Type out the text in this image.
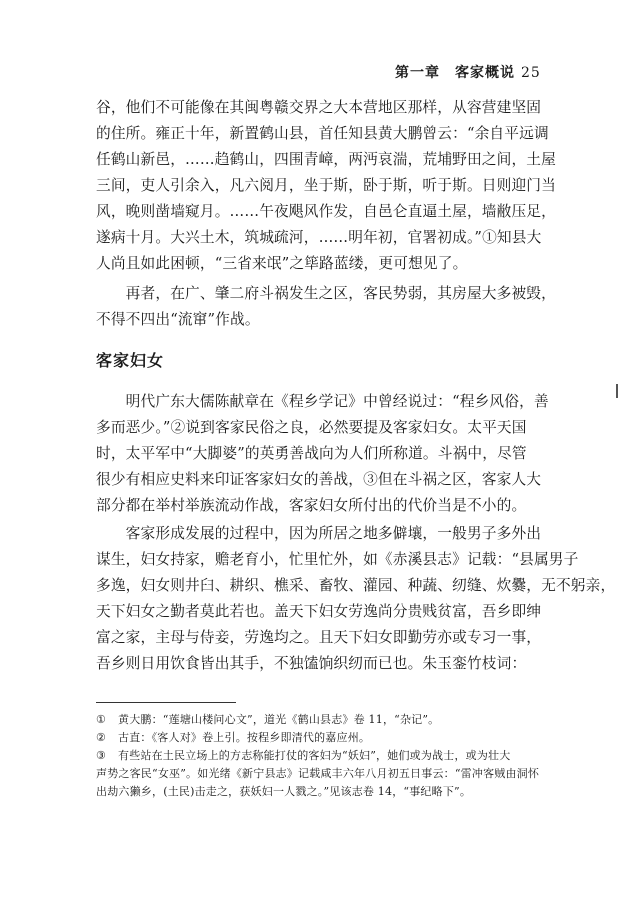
第一章　客家概说 25
谷，他们不可能像在其闽粤赣交界之大本营地区那样，从容营建坚固
的住所。雍正十年，新置鹤山县，首任知县黄大鹏曾云：“余自平远调
任鹤山新邑，……趋鹤山，四围青嶂，两沔哀湍，荒埔野田之间，土屋
三间，吏人引余入，凡六阅月，坐于斯，卧于斯，听于斯。日则迎门当
风，晚则凿墙窥月。……午夜飓风作发，自邑仑直逼土屋，墙敝压足，
遂病十月。大兴土木，筑城疏河，……明年初，官署初成。”①知县大
人尚且如此困顿，“三省来氓”之筚路蓝缕，更可想见了。
　　再者，在广、肇二府斗祸发生之区，客民势弱，其房屋大多被毁，
不得不四出“流窜”作战。
客家妇女
　　明代广东大儒陈献章在《程乡学记》中曾经说过：“程乡风俗，善
多而恶少。”②说到客家民俗之良，必然要提及客家妇女。太平天国
时，太平军中“大脚婆”的英勇善战向为人们所称道。斗祸中，尽管
很少有相应史料来印证客家妇女的善战，③但在斗祸之区，客家人大
部分都在举村举族流动作战，客家妇女所付出的代价当是不小的。
　　客家形成发展的过程中，因为所居之地多僻壤，一般男子多外出
谋生，妇女持家，赡老育小，忙里忙外，如《赤溪县志》记载：“县属男子
多逸，妇女则井臼、耕织、樵采、畜牧、灌园、种蔬、纫缝、炊爨，无不躬亲，
天下妇女之勤者莫此若也。盖天下妇女劳逸尚分贵贱贫富，吾乡即绅
富之家，主母与侍妾，劳逸均之。且天下妇女即勤劳亦或专习一事，
吾乡则日用饮食皆出其手，不独馌饷织纫而已也。朱玉銮竹枝词：
① 黄大鹏：“莲塘山楼问心文”，道光《鹤山县志》卷 11，“杂记”。
② 古直：《客人对》卷上引。按程乡即清代的嘉应州。
③ 有些站在土民立场上的方志称能打仗的客妇为“妖妇”，她们或为战士，或为壮大
声势之客民“女巫”。如光绪《新宁县志》记载咸丰六年八月初五日事云：“雷冲客贼由洞怀
出劫六獭乡，(土民)击走之，获妖妇一人戮之。”见该志卷 14，“事纪略下”。
